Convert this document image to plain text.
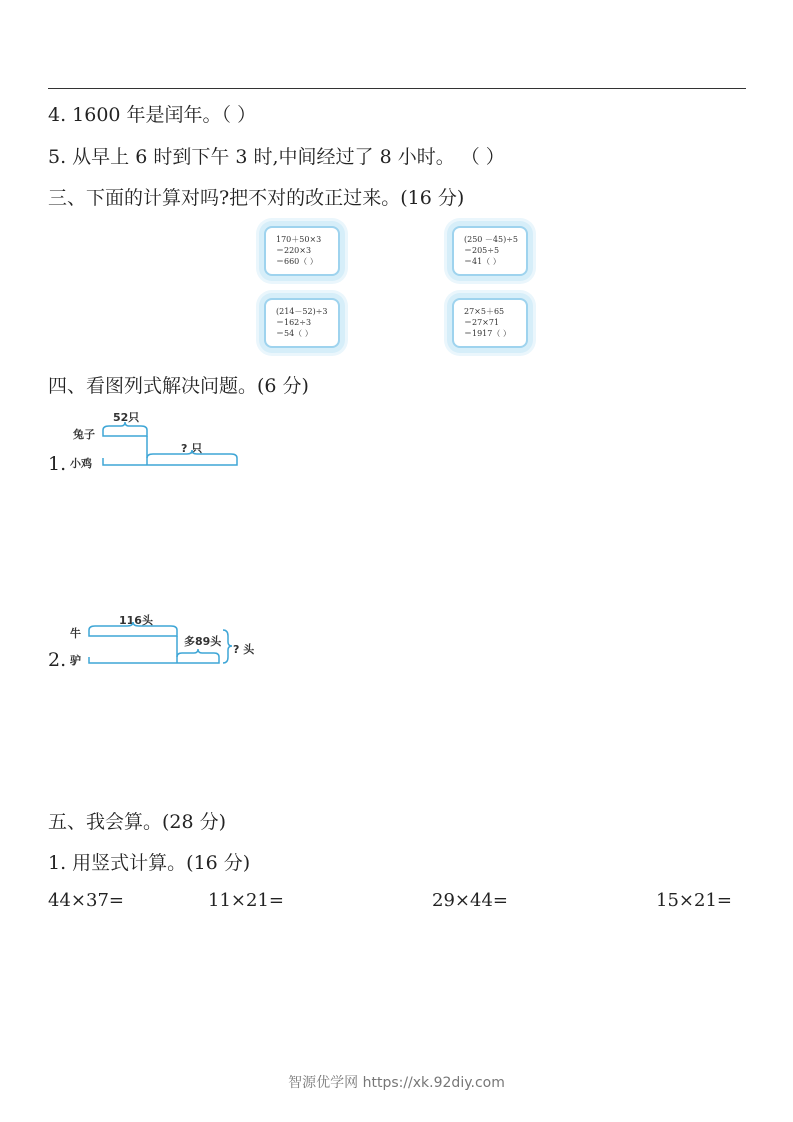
4. 1600 年是闰年。（ ）
5. 从早上 6 时到下午 3 时,中间经过了 8 小时。 （ ）
三、下面的计算对吗?把不对的改正过来。(16 分)
170＋50×3
＝220×3
＝660（ ）
(250 －45)÷5
＝205÷5
＝41（ ）
(214－52)÷3
＝162÷3
＝54（ ）
27×5＋65
＝27×71
＝1917（ ）
四、看图列式解决问题。(6 分)
1.
兔子
小鸡
52只
? 只
2.
牛
驴
116头
多89头
? 头
五、我会算。(28 分)
1. 用竖式计算。(16 分)
44×37=	11×21=	29×44=	15×21=
智源优学网 https://xk.92diy.com
